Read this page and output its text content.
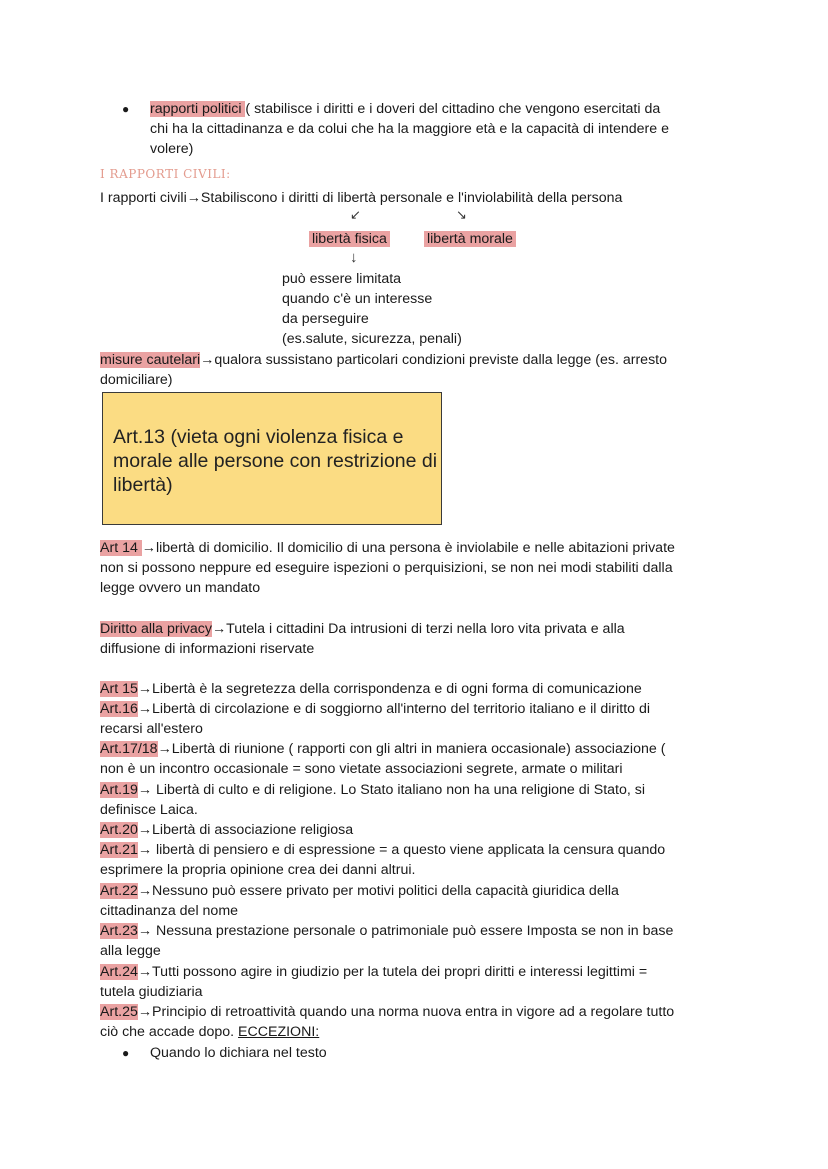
● rapporti politici ( stabilisce i diritti e i doveri del cittadino che vengono esercitati da
chi ha la cittadinanza e da colui che ha la maggiore età e la capacità di intendere e
volere)
I RAPPORTI CIVILI:
I rapporti civili→Stabiliscono i diritti di libertà personale e l'inviolabilità della persona
↙	↘
libertà fisica	libertà morale
↓
può essere limitata
quando c'è un interesse
da perseguire
(es.salute, sicurezza, penali)
misure cautelari→qualora sussistano particolari condizioni previste dalla legge (es. arresto
domiciliare)
Art.13 (vieta ogni violenza fisica e morale alle persone con restrizione di libertà)
Art 14 →libertà di domicilio. Il domicilio di una persona è inviolabile e nelle abitazioni private
non si possono neppure ed eseguire ispezioni o perquisizioni, se non nei modi stabiliti dalla
legge ovvero un mandato
Diritto alla privacy→Tutela i cittadini Da intrusioni di terzi nella loro vita privata e alla
diffusione di informazioni riservate
Art 15→Libertà è la segretezza della corrispondenza e di ogni forma di comunicazione
Art.16→Libertà di circolazione e di soggiorno all'interno del territorio italiano e il diritto di
recarsi all'estero
Art.17/18→Libertà di riunione ( rapporti con gli altri in maniera occasionale) associazione (
non è un incontro occasionale = sono vietate associazioni segrete, armate o militari
Art.19→ Libertà di culto e di religione. Lo Stato italiano non ha una religione di Stato, si
definisce Laica.
Art.20→Libertà di associazione religiosa
Art.21→ libertà di pensiero e di espressione = a questo viene applicata la censura quando
esprimere la propria opinione crea dei danni altrui.
Art.22→Nessuno può essere privato per motivi politici della capacità giuridica della
cittadinanza del nome
Art.23→ Nessuna prestazione personale o patrimoniale può essere Imposta se non in base
alla legge
Art.24→Tutti possono agire in giudizio per la tutela dei propri diritti e interessi legittimi =
tutela giudiziaria
Art.25→Principio di retroattività quando una norma nuova entra in vigore ad a regolare tutto
ciò che accade dopo. ECCEZIONI:
● Quando lo dichiara nel testo
